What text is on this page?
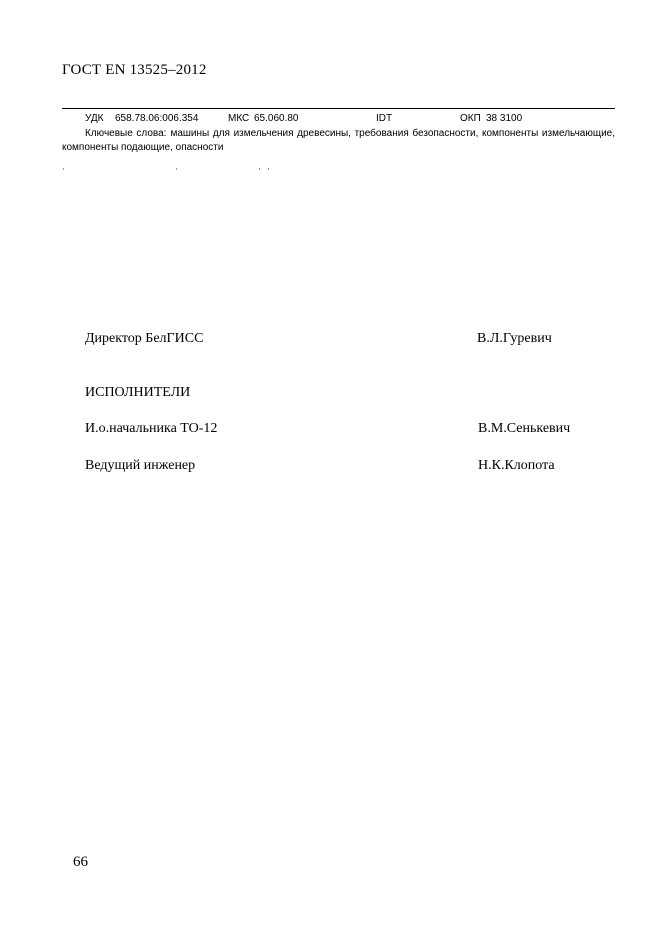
ГОСТ EN 13525–2012
УДК 658.78.06:006.354	МКС 65.060.80	IDT	ОКП 38 3100
Ключевые слова: машины для измельчения древесины, требования безопасности, компоненты измельчающие, компоненты подающие, опасности
Директор БелГИСС	В.Л.Гуревич
ИСПОЛНИТЕЛИ
И.о.начальника ТО-12	В.М.Сенькевич
Ведущий инженер	Н.К.Клопота
66
